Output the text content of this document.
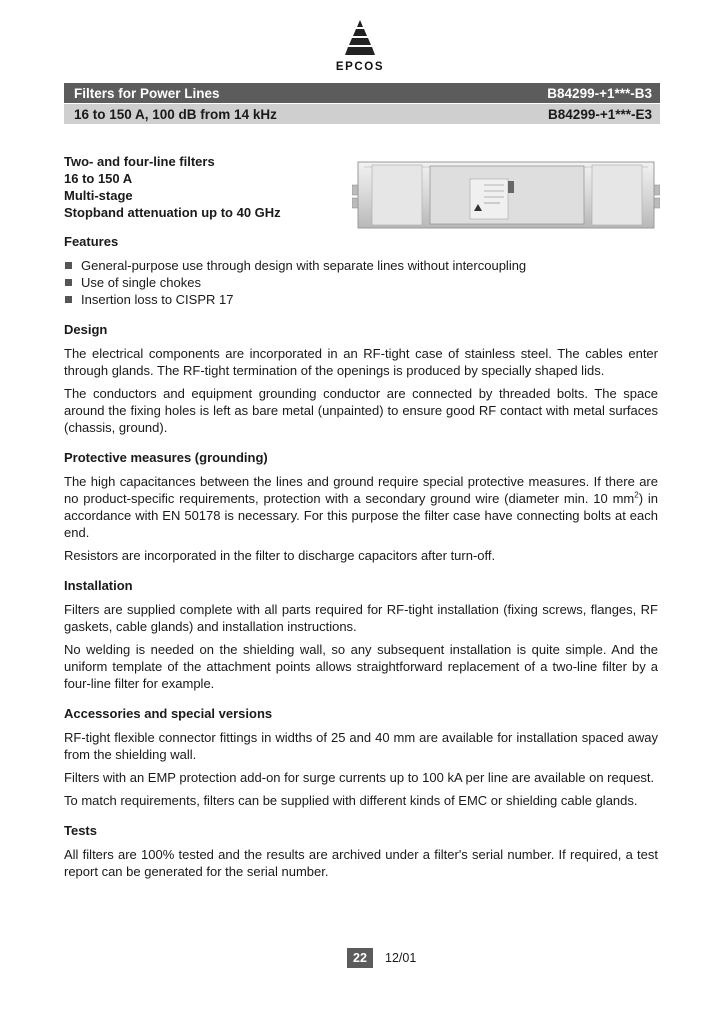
EPCOS
Filters for Power Lines	B84299-+1***-B3
16 to 150 A, 100 dB from 14 kHz	B84299-+1***-E3
Two- and four-line filters
16 to 150 A
Multi-stage
Stopband attenuation up to 40 GHz
Features
General-purpose use through design with separate lines without intercoupling
Use of single chokes
Insertion loss to CISPR 17
Design

The electrical components are incorporated in an RF-tight case of stainless steel. The cables enter through glands. The RF-tight termination of the openings is produced by specially shaped lids.

The conductors and equipment grounding conductor are connected by threaded bolts. The space around the fixing holes is left as bare metal (unpainted) to ensure good RF contact with metal surfaces (chassis, ground).

Protective measures (grounding)

The high capacitances between the lines and ground require special protective measures. If there are no product-specific requirements, protection with a secondary ground wire (diameter min. 10 $mm^2$) in accordance with EN 50178 is necessary. For this purpose the filter case have connecting bolts at each end.

Resistors are incorporated in the filter to discharge capacitors after turn-off.

Installation

Filters are supplied complete with all parts required for RF-tight installation (fixing screws, flanges, RF gaskets, cable glands) and installation instructions.

No welding is needed on the shielding wall, so any subsequent installation is quite simple. And the uniform template of the attachment points allows straightforward replacement of a two-line filter by a four-line filter for example.

Accessories and special versions

RF-tight flexible connector fittings in widths of 25 and 40 mm are available for installation spaced away from the shielding wall.

Filters with an EMP protection add-on for surge currents up to 100 kA per line are available on request.

To match requirements, filters can be supplied with different kinds of EMC or shielding cable glands.

Tests

All filters are 100% tested and the results are archived under a filter's serial number. If required, a test report can be generated for the serial number.

22	12/01
